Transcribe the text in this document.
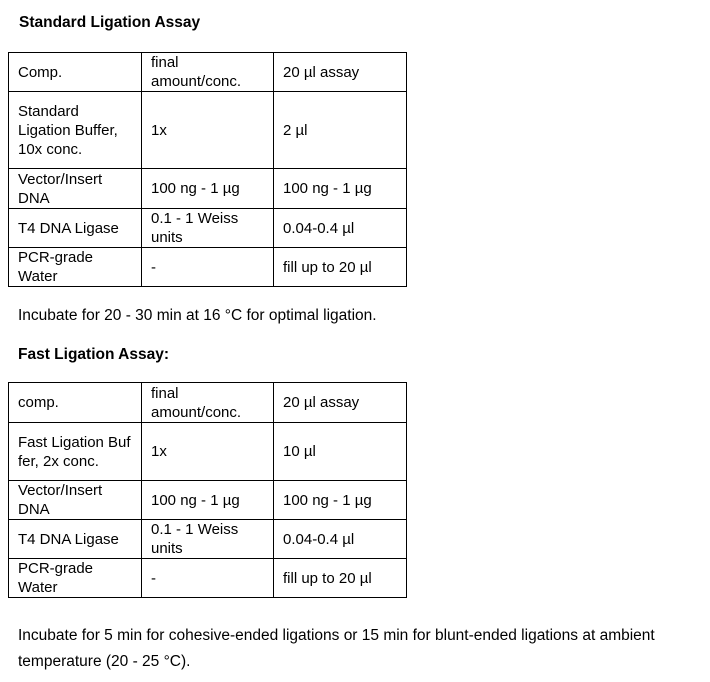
Standard Ligation Assay
Comp.	final amount/conc.	20 µl assay
Standard Ligation Buffer, 10x conc.	1x	2 µl
Vector/Insert DNA	100 ng - 1 µg	100 ng - 1 µg
T4 DNA Ligase	0.1 - 1 Weiss units	0.04-0.4 µl
PCR-grade Water	-	fill up to 20 µl

Incubate for 20 - 30 min at 16 °C for optimal ligation.

Fast Ligation Assay:
comp.	final amount/conc.	20 µl assay
Fast Ligation Buf fer, 2x conc.	1x	10 µl
Vector/Insert DNA	100 ng - 1 µg	100 ng - 1 µg
T4 DNA Ligase	0.1 - 1 Weiss units	0.04-0.4 µl
PCR-grade Water	-	fill up to 20 µl

Incubate for 5 min for cohesive-ended ligations or 15 min for blunt-ended ligations at ambient temperature (20 - 25 °C).
